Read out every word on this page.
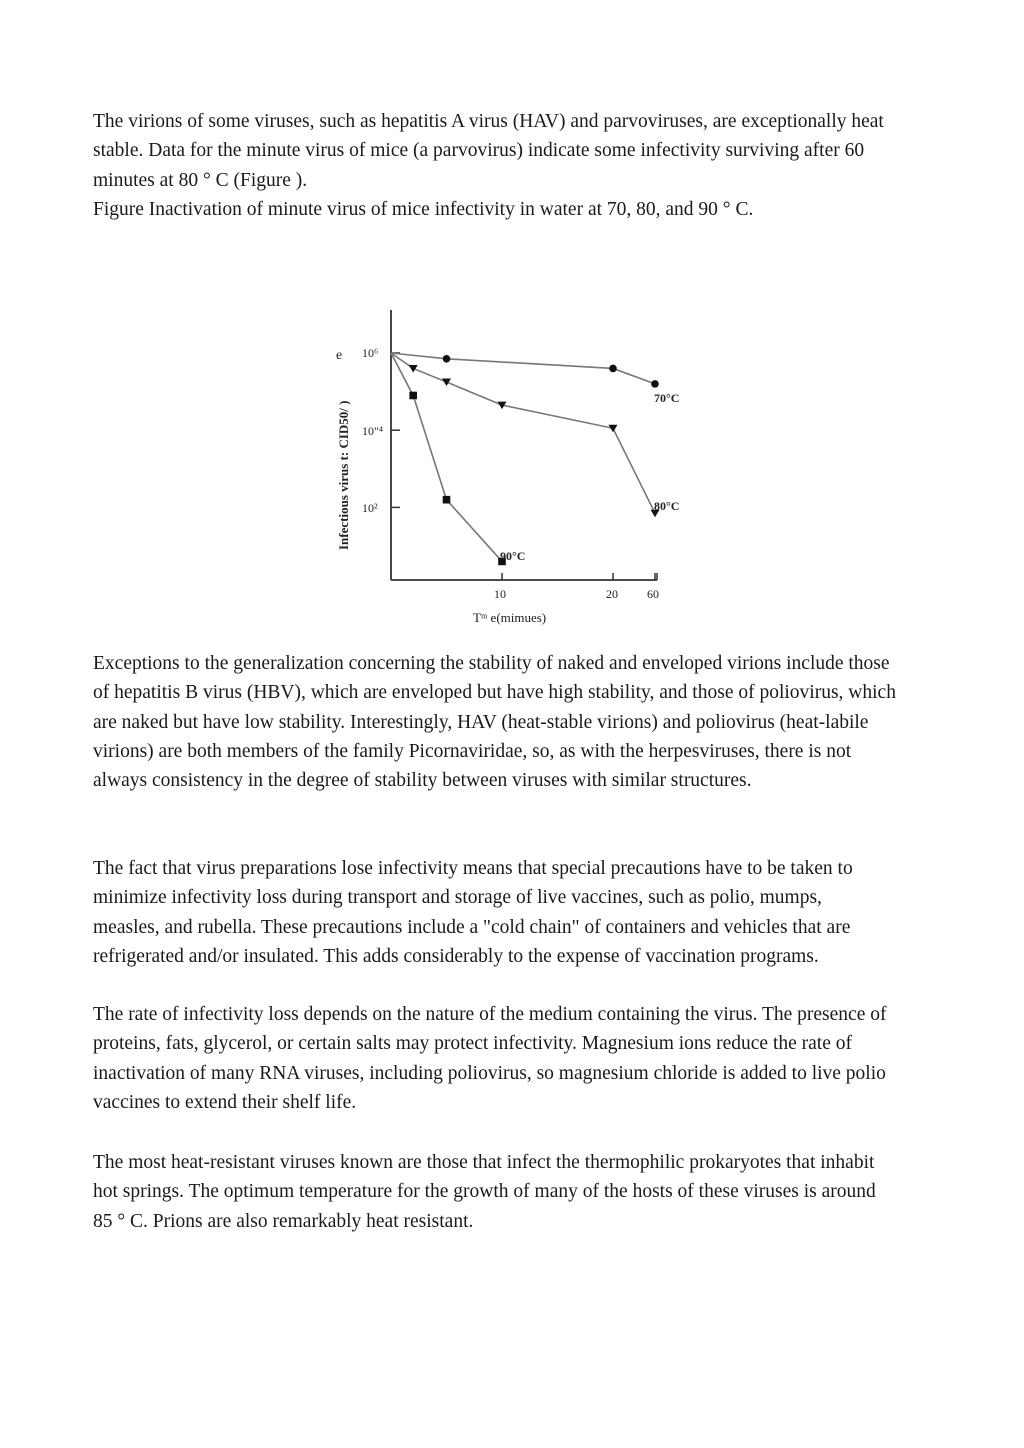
The virions of some viruses, such as hepatitis A virus (HAV) and parvoviruses, are exceptionally heat stable. Data for the minute virus of mice (a parvovirus) indicate some infectivity surviving after 60 minutes at 80 ° C (Figure ).

Figure Inactivation of minute virus of mice infectivity in water at 70, 80, and 90 ° C.

e
Infectious virus t: CID50/ )
Tᵐ e(mimues)
10⁶
10"⁴
10²
10	20 60
70°C
80°C
90°C

Exceptions to the generalization concerning the stability of naked and enveloped virions include those of hepatitis B virus (HBV), which are enveloped but have high stability, and those of poliovirus, which are naked but have low stability. Interestingly, HAV (heat-stable virions) and poliovirus (heat-labile virions) are both members of the family Picornaviridae, so, as with the herpesviruses, there is not always consistency in the degree of stability between viruses with similar structures.

The fact that virus preparations lose infectivity means that special precautions have to be taken to minimize infectivity loss during transport and storage of live vaccines, such as polio, mumps, measles, and rubella. These precautions include a "cold chain" of containers and vehicles that are refrigerated and/or insulated. This adds considerably to the expense of vaccination programs.

The rate of infectivity loss depends on the nature of the medium containing the virus. The presence of proteins, fats, glycerol, or certain salts may protect infectivity. Magnesium ions reduce the rate of inactivation of many RNA viruses, including poliovirus, so magnesium chloride is added to live polio vaccines to extend their shelf life.

The most heat-resistant viruses known are those that infect the thermophilic prokaryotes that inhabit hot springs. The optimum temperature for the growth of many of the hosts of these viruses is around 85 ° C. Prions are also remarkably heat resistant.
